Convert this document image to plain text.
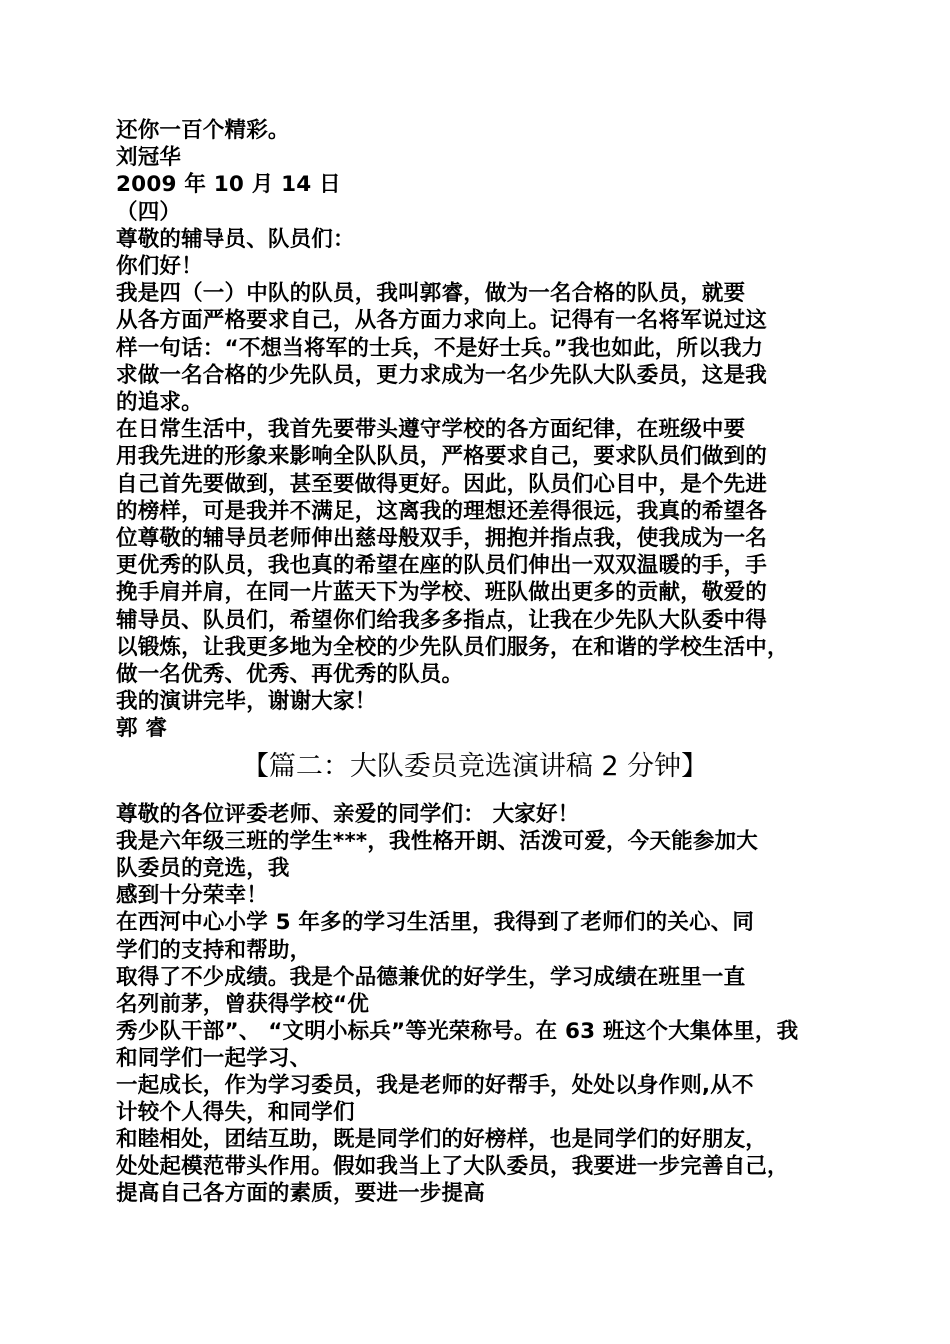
还你一百个精彩。
刘冠华
2009 年 10 月 14 日
（四）
尊敬的辅导员、队员们：
你们好！
我是四（一）中队的队员，我叫郭睿，做为一名合格的队员，就要
从各方面严格要求自己，从各方面力求向上。记得有一名将军说过这
样一句话：“不想当将军的士兵，不是好士兵。”我也如此，所以我力
求做一名合格的少先队员，更力求成为一名少先队大队委员，这是我
的追求。
在日常生活中，我首先要带头遵守学校的各方面纪律，在班级中要
用我先进的形象来影响全队队员，严格要求自己，要求队员们做到的
自己首先要做到，甚至要做得更好。因此，队员们心目中，是个先进
的榜样，可是我并不满足，这离我的理想还差得很远，我真的希望各
位尊敬的辅导员老师伸出慈母般双手，拥抱并指点我，使我成为一名
更优秀的队员，我也真的希望在座的队员们伸出一双双温暖的手，手
挽手肩并肩，在同一片蓝天下为学校、班队做出更多的贡献，敬爱的
辅导员、队员们，希望你们给我多多指点，让我在少先队大队委中得
以锻炼，让我更多地为全校的少先队员们服务，在和谐的学校生活中，
做一名优秀、优秀、再优秀的队员。
我的演讲完毕，谢谢大家！
郭 睿
【篇二：大队委员竞选演讲稿 2 分钟】
尊敬的各位评委老师、亲爱的同学们： 大家好！
我是六年级三班的学生***，我性格开朗、活泼可爱，今天能参加大
队委员的竞选，我
感到十分荣幸！
在西河中心小学 5 年多的学习生活里，我得到了老师们的关心、同
学们的支持和帮助，
取得了不少成绩。我是个品德兼优的好学生，学习成绩在班里一直
名列前茅，曾获得学校“优
秀少队干部”、 “文明小标兵”等光荣称号。在 63 班这个大集体里，我
和同学们一起学习、
一起成长，作为学习委员，我是老师的好帮手，处处以身作则,从不
计较个人得失，和同学们
和睦相处，团结互助，既是同学们的好榜样，也是同学们的好朋友，
处处起模范带头作用。假如我当上了大队委员，我要进一步完善自己，
提高自己各方面的素质，要进一步提高
